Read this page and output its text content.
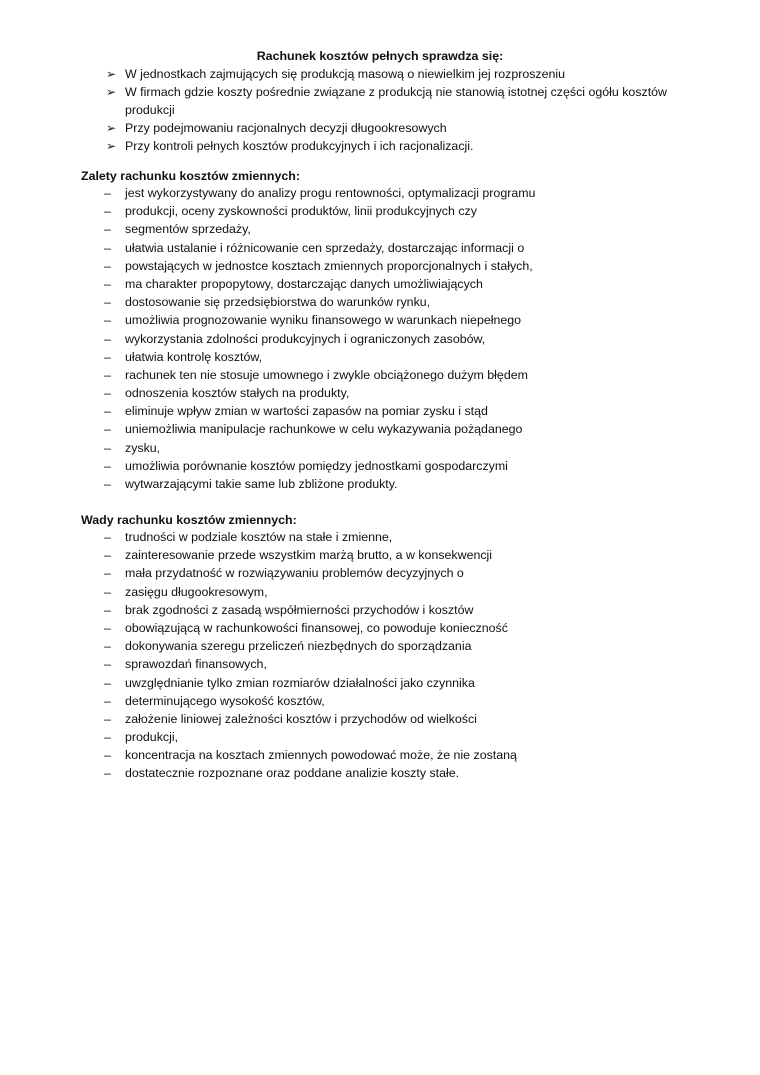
Rachunek kosztów pełnych sprawdza się:
➢ W jednostkach zajmujących się produkcją masową o niewielkim jej rozproszeniu
➢ W firmach gdzie koszty pośrednie związane z produkcją nie stanowią istotnej części ogółu kosztów
produkcji
➢ Przy podejmowaniu racjonalnych decyzji długookresowych
➢ Przy kontroli pełnych kosztów produkcyjnych i ich racjonalizacji.
Zalety rachunku kosztów zmiennych:
– jest wykorzystywany do analizy progu rentowności, optymalizacji programu
– produkcji, oceny zyskowności produktów, linii produkcyjnych czy
– segmentów sprzedaży,
– ułatwia ustalanie i różnicowanie cen sprzedaży, dostarczając informacji o
– powstających w jednostce kosztach zmiennych proporcjonalnych i stałych,
– ma charakter propopytowy, dostarczając danych umożliwiających
– dostosowanie się przedsiębiorstwa do warunków rynku,
– umożliwia prognozowanie wyniku finansowego w warunkach niepełnego
– wykorzystania zdolności produkcyjnych i ograniczonych zasobów,
– ułatwia kontrolę kosztów,
– rachunek ten nie stosuje umownego i zwykle obciążonego dużym błędem
– odnoszenia kosztów stałych na produkty,
– eliminuje wpływ zmian w wartości zapasów na pomiar zysku i stąd
– uniemożliwia manipulacje rachunkowe w celu wykazywania pożądanego
– zysku,
– umożliwia porównanie kosztów pomiędzy jednostkami gospodarczymi
– wytwarzającymi takie same lub zbliżone produkty.
Wady rachunku kosztów zmiennych:
– trudności w podziale kosztów na stałe i zmienne,
– zainteresowanie przede wszystkim marżą brutto, a w konsekwencji
– mała przydatność w rozwiązywaniu problemów decyzyjnych o
– zasięgu długookresowym,
– brak zgodności z zasadą współmierności przychodów i kosztów
– obowiązującą w rachunkowości finansowej, co powoduje konieczność
– dokonywania szeregu przeliczeń niezbędnych do sporządzania
– sprawozdań finansowych,
– uwzględnianie tylko zmian rozmiarów działalności jako czynnika
– determinującego wysokość kosztów,
– założenie liniowej zależności kosztów i przychodów od wielkości
– produkcji,
– koncentracja na kosztach zmiennych powodować może, że nie zostaną
– dostatecznie rozpoznane oraz poddane analizie koszty stałe.
